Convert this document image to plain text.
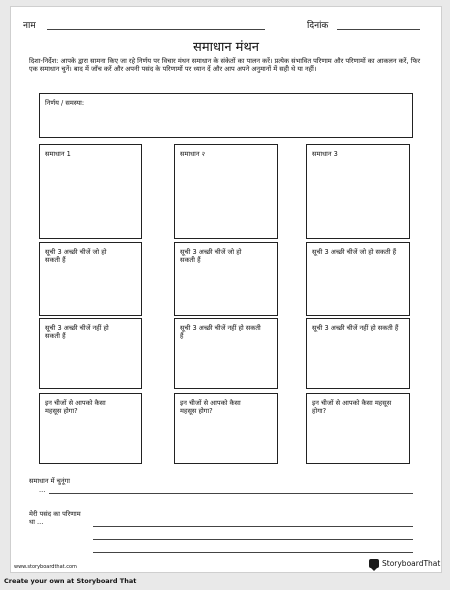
नाम	दिनांक
समाधान मंथन
दिशा-निर्देश: आपके द्वारा सामना किए जा रहे निर्णय पर विचार मंथन समाधान के संकेतों का पालन करें। प्रत्येक संभावित परिणाम और परिणामों का आकलन करें, फिर एक समाधान चुनें। बाद में जाँच करें और अपनी पसंद के परिणामों पर ध्यान दें और आप अपने अनुमानों में सही थे या नहीं।
निर्णय / समस्या:
समाधान 1
सूची 3 अच्छी चीजें जो हो सकती हैं
सूची 3 अच्छी चीजें नहीं हो सकती हैं
इन चीजों से आपको कैसा महसूस होगा?
समाधान २
सूची 3 अच्छी चीजें जो हो सकती हैं
सूची 3 अच्छी चीजें नहीं हो सकती हैं
इन चीजों से आपको कैसा महसूस होगा?
समाधान 3
सूची 3 अच्छी चीजें जो हो सकती हैं
सूची 3 अच्छी चीजें नहीं हो सकती हैं
इन चीजों से आपको कैसा महसूस होगा?
समाधान में चुनूंगा
...
मेरी पसंद का परिणाम था ...
www.storyboardthat.com	StoryboardThat
Create your own at Storyboard That
